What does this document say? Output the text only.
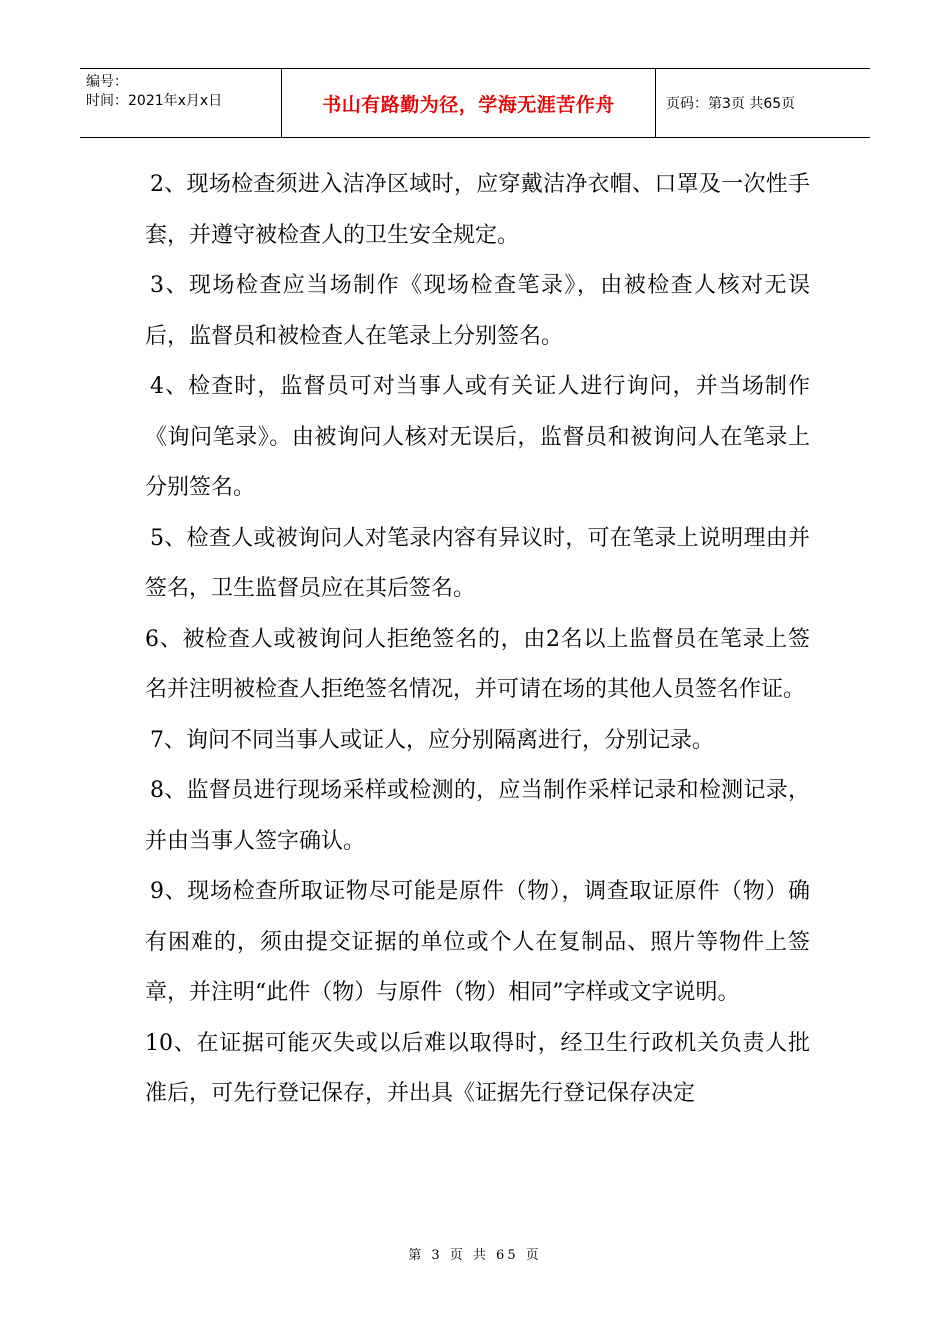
编号：
时间：2021年x月x日	书山有路勤为径，学海无涯苦作舟	页码：第3页 共65页

2、现场检查须进入洁净区域时，应穿戴洁净衣帽、口罩及一次性手套，并遵守被检查人的卫生安全规定。

3、现场检查应当场制作《现场检查笔录》，由被检查人核对无误后，监督员和被检查人在笔录上分别签名。

4、检查时，监督员可对当事人或有关证人进行询问，并当场制作《询问笔录》。由被询问人核对无误后，监督员和被询问人在笔录上分别签名。

5、检查人或被询问人对笔录内容有异议时，可在笔录上说明理由并签名，卫生监督员应在其后签名。

6、被检查人或被询问人拒绝签名的，由2名以上监督员在笔录上签名并注明被检查人拒绝签名情况，并可请在场的其他人员签名作证。

7、询问不同当事人或证人，应分别隔离进行，分别记录。

8、监督员进行现场采样或检测的，应当制作采样记录和检测记录，并由当事人签字确认。

9、现场检查所取证物尽可能是原件（物），调查取证原件（物）确有困难的，须由提交证据的单位或个人在复制品、照片等物件上签章，并注明“此件（物）与原件（物）相同”字样或文字说明。

10、在证据可能灭失或以后难以取得时，经卫生行政机关负责人批准后，可先行登记保存，并出具《证据先行登记保存决定

第 3 页 共 65 页
